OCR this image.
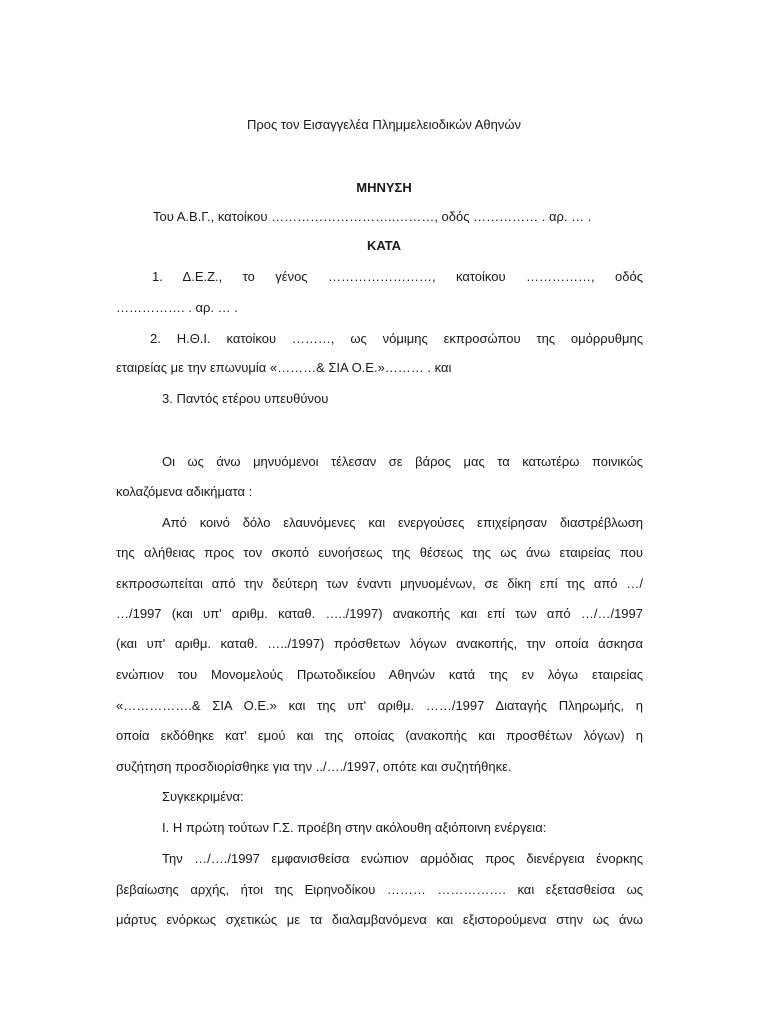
Προς τον Εισαγγελέα Πλημμελειοδικών Αθηνών
ΜΗΝΥΣΗ
Του Α.Β.Γ., κατοίκου ………………………..………, οδός …………… . αρ. … .
ΚΑΤΑ
1. Δ.Ε.Ζ., το γένος ……………………, κατοίκου ……………, οδός
……………. . αρ. … .
2. Η.Θ.Ι. κατοίκου ………, ως νόμιμης εκπροσώπου της ομόρρυθμης
εταιρείας με την επωνυμία «………& ΣΙΑ Ο.Ε.»……… . και
3. Παντός ετέρου υπευθύνου
Οι ως άνω μηνυόμενοι τέλεσαν σε βάρος μας τα κατωτέρω ποινικώς
κολαζόμενα αδικήματα :
Από κοινό δόλο ελαυνόμενες και ενεργούσες επιχείρησαν διαστρέβλωση
της αλήθειας προς τον σκοπό ευνοήσεως της θέσεως της ως άνω εταιρείας που
εκπροσωπείται από την δεύτερη των έναντι μηνυομένων, σε δίκη επί της από …/
…/1997 (και υπ' αριθμ. καταθ. …../1997) ανακοπής και επί των από …/…/1997
(και υπ' αριθμ. καταθ. …../1997) πρόσθετων λόγων ανακοπής, την οποία άσκησα
ενώπιον του Μονομελούς Πρωτοδικείου Αθηνών κατά της εν λόγω εταιρείας
«…………….& ΣΙΑ Ο.Ε.» και της υπ' αριθμ. ……/1997 Διαταγής Πληρωμής, η
οποία εκδόθηκε κατ' εμού και της οποίας (ανακοπής και προσθέτων λόγων) η
συζήτηση προσδιορίσθηκε για την ../…./1997, οπότε και συζητήθηκε.
Συγκεκριμένα:
Ι. Η πρώτη τούτων Γ.Σ. προέβη στην ακόλουθη αξιόποινη ενέργεια:
Την …/…./1997 εμφανισθείσα ενώπιον αρμόδιας προς διενέργεια ένορκης
βεβαίωσης αρχής, ήτοι της Ειρηνοδίκου ……… ……………. και εξετασθείσα ως
μάρτυς ενόρκως σχετικώς με τα διαλαμβανόμενα και εξιστορούμενα στην ως άνω
